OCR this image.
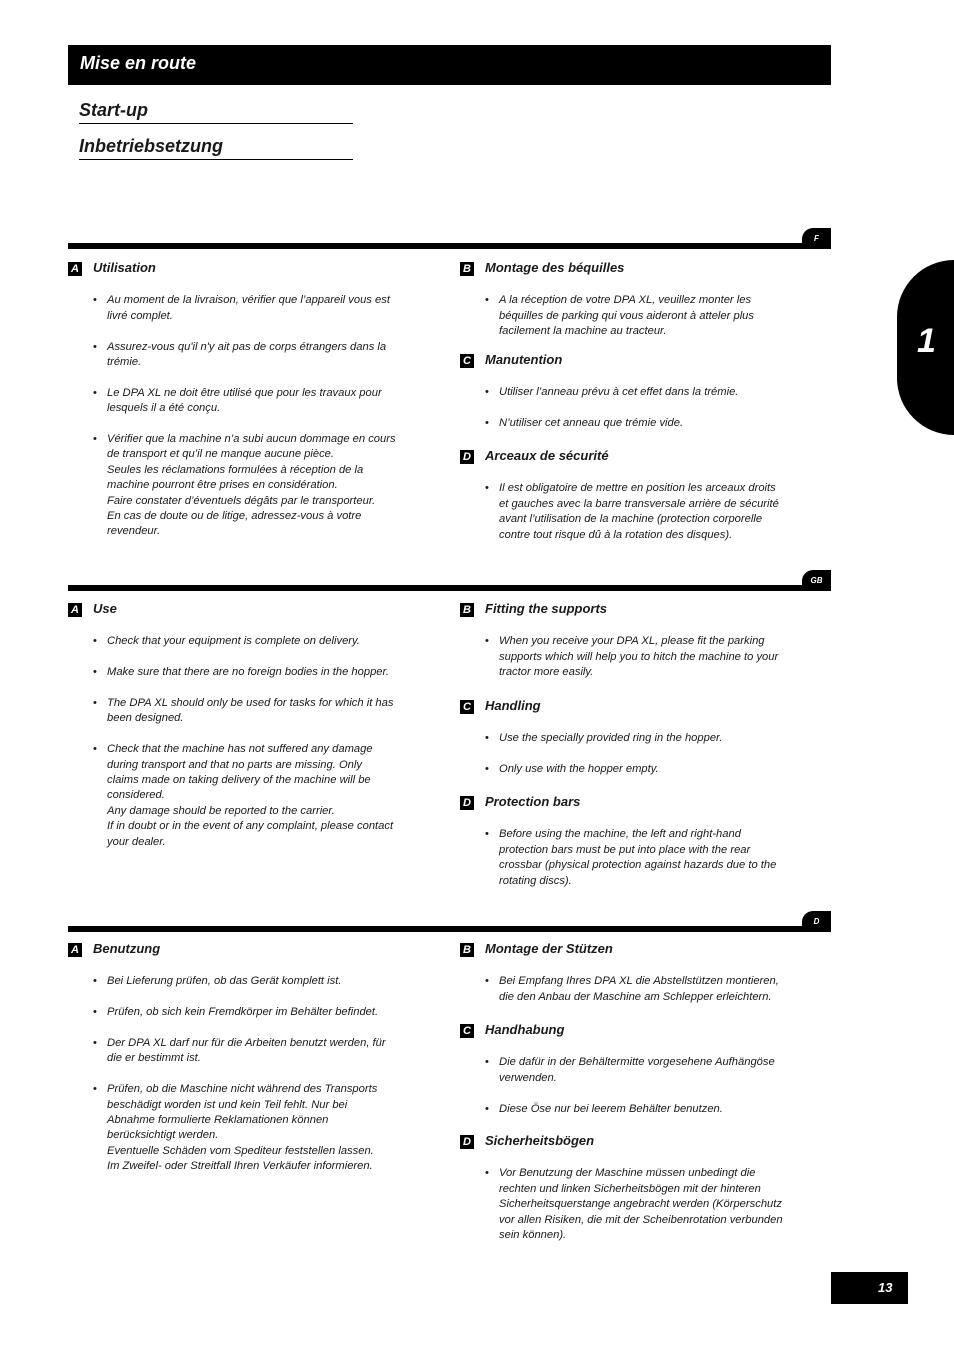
Mise en route
Start-up
Inbetriebsetzung
1
F
A Utilisation
• Au moment de la livraison, vérifier que l’appareil vous est
livré complet.
• Assurez-vous qu'il n'y ait pas de corps étrangers dans la
trémie.
• Le DPA XL ne doit être utilisé que pour les travaux pour
lesquels il a été conçu.
• Vérifier que la machine n’a subi aucun dommage en cours
de transport et qu’il ne manque aucune pièce.
Seules les réclamations formulées à réception de la
machine pourront être prises en considération.
Faire constater d’éventuels dégâts par le transporteur.
En cas de doute ou de litige, adressez-vous à votre
revendeur.
B Montage des béquilles
• A la réception de votre DPA XL, veuillez monter les
béquilles de parking qui vous aideront à atteler plus
facilement la machine au tracteur.
C Manutention
• Utiliser l’anneau prévu à cet effet dans la trémie.
• N’utiliser cet anneau que trémie vide.
D Arceaux de sécurité
• Il est obligatoire de mettre en position les arceaux droits
et gauches avec la barre transversale arrière de sécurité
avant l’utilisation de la machine (protection corporelle
contre tout risque dû à la rotation des disques).
GB
A Use
• Check that your equipment is complete on delivery.
• Make sure that there are no foreign bodies in the hopper.
• The DPA XL should only be used for tasks for which it has
been designed.
• Check that the machine has not suffered any damage
during transport and that no parts are missing. Only
claims made on taking delivery of the machine will be
considered.
Any damage should be reported to the carrier.
If in doubt or in the event of any complaint, please contact
your dealer.
B Fitting the supports
• When you receive your DPA XL, please fit the parking
supports which will help you to hitch the machine to your
tractor more easily.
C Handling
• Use the specially provided ring in the hopper.
• Only use with the hopper empty.
D Protection bars
• Before using the machine, the left and right-hand
protection bars must be put into place with the rear
crossbar (physical protection against hazards due to the
rotating discs).
D
A Benutzung
• Bei Lieferung prüfen, ob das Gerät komplett ist.
• Prüfen, ob sich kein Fremdkörper im Behälter befindet.
• Der DPA XL darf nur für die Arbeiten benutzt werden, für
die er bestimmt ist.
• Prüfen, ob die Maschine nicht während des Transports
beschädigt worden ist und kein Teil fehlt. Nur bei
Abnahme formulierte Reklamationen können
berücksichtigt werden.
Eventuelle Schäden vom Spediteur feststellen lassen.
Im Zweifel- oder Streitfall Ihren Verkäufer informieren.
B Montage der Stützen
• Bei Empfang Ihres DPA XL die Abstellstützen montieren,
die den Anbau der Maschine am Schlepper erleichtern.
C Handhabung
• Die dafür in der Behältermitte vorgesehene Aufhängöse
verwenden.
• Diese Öse nur bei leerem Behälter benutzen.
D Sicherheitsbögen
• Vor Benutzung der Maschine müssen unbedingt die
rechten und linken Sicherheitsbögen mit der hinteren
Sicherheitsquerstange angebracht werden (Körperschutz
vor allen Risiken, die mit der Scheibenrotation verbunden
sein können).
13
